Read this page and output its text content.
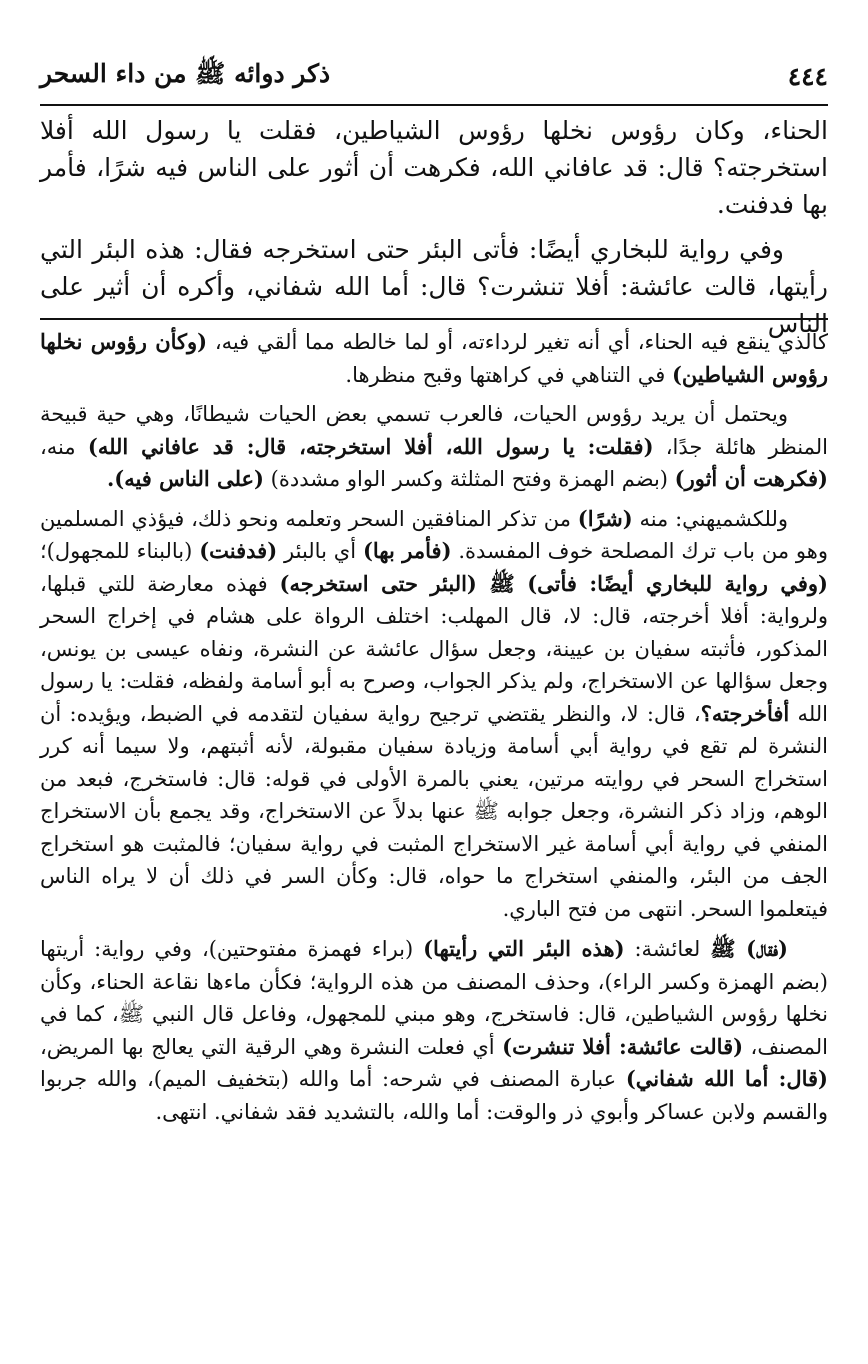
٤٤٤
ذكر دوائه ﷺ من داء السحر

الحناء، وكان رؤوس نخلها رؤوس الشياطين، فقلت يا رسول الله أفلا استخرجته؟ قال: قد عافاني الله، فكرهت أن أثور على الناس فيه شرًا، فأمر بها فدفنت.

وفي رواية للبخاري أيضًا: فأتى البئر حتى استخرجه فقال: هذه البئر التي رأيتها، قالت عائشة: أفلا تنشرت؟ قال: أما الله شفاني، وأكره أن أثير على الناس

كالذي ينقع فيه الحناء، أي أنه تغير لرداءته، أو لما خالطه مما ألقي فيه، (وكأن رؤوس نخلها رؤوس الشياطين) في التناهي في كراهتها وقبح منظرها.

ويحتمل أن يريد رؤوس الحيات، فالعرب تسمي بعض الحيات شيطانًا، وهي حية قبيحة المنظر هائلة جدًا، (فقلت: يا رسول الله، أفلا استخرجته، قال: قد عافاني الله) منه، (فكرهت أن أثور) (بضم الهمزة وفتح المثلثة وكسر الواو مشددة) (على الناس فيه).

وللكشميهني: منه (شرًا) من تذكر المنافقين السحر وتعلمه ونحو ذلك، فيؤذي المسلمين وهو من باب ترك المصلحة خوف المفسدة. (فأمر بها) أي بالبئر (فدفنت) (بالبناء للمجهول)؛ (وفي رواية للبخاري أيضًا: فأتى) ﷺ (البئر حتى استخرجه) فهذه معارضة للتي قبلها، ولرواية: أفلا أخرجته، قال: لا، قال المهلب: اختلف الرواة على هشام في إخراج السحر المذكور، فأثبته سفيان بن عيينة، وجعل سؤال عائشة عن النشرة، ونفاه عيسى بن يونس، وجعل سؤالها عن الاستخراج، ولم يذكر الجواب، وصرح به أبو أسامة ولفظه، فقلت: يا رسول الله أفأخرجته؟، قال: لا، والنظر يقتضي ترجيح رواية سفيان لتقدمه في الضبط، ويؤيده: أن النشرة لم تقع في رواية أبي أسامة وزيادة سفيان مقبولة، لأنه أثبتهم، ولا سيما أنه كرر استخراج السحر في روايته مرتين، يعني بالمرة الأولى في قوله: قال: فاستخرج، فبعد من الوهم، وزاد ذكر النشرة، وجعل جوابه ﷺ عنها بدلاً عن الاستخراج، وقد يجمع بأن الاستخراج المنفي في رواية أبي أسامة غير الاستخراج المثبت في رواية سفيان؛ فالمثبت هو استخراج الجف من البئر، والمنفي استخراج ما حواه، قال: وكأن السر في ذلك أن لا يراه الناس فيتعلموا السحر. انتهى من فتح الباري.

(فقال) ﷺ لعائشة: (هذه البئر التي رأيتها) (براء فهمزة مفتوحتين)، وفي رواية: أريتها (بضم الهمزة وكسر الراء)، وحذف المصنف من هذه الرواية؛ فكأن ماءها نقاعة الحناء، وكأن نخلها رؤوس الشياطين، قال: فاستخرج، وهو مبني للمجهول، وفاعل قال النبي ﷺ، كما في المصنف، (قالت عائشة: أفلا تنشرت) أي فعلت النشرة وهي الرقية التي يعالج بها المريض، (قال: أما الله شفاني) عبارة المصنف في شرحه: أما والله (بتخفيف الميم)، والله جربوا والقسم ولابن عساكر وأبوي ذر والوقت: أما والله، بالتشديد فقد شفاني. انتهى.
